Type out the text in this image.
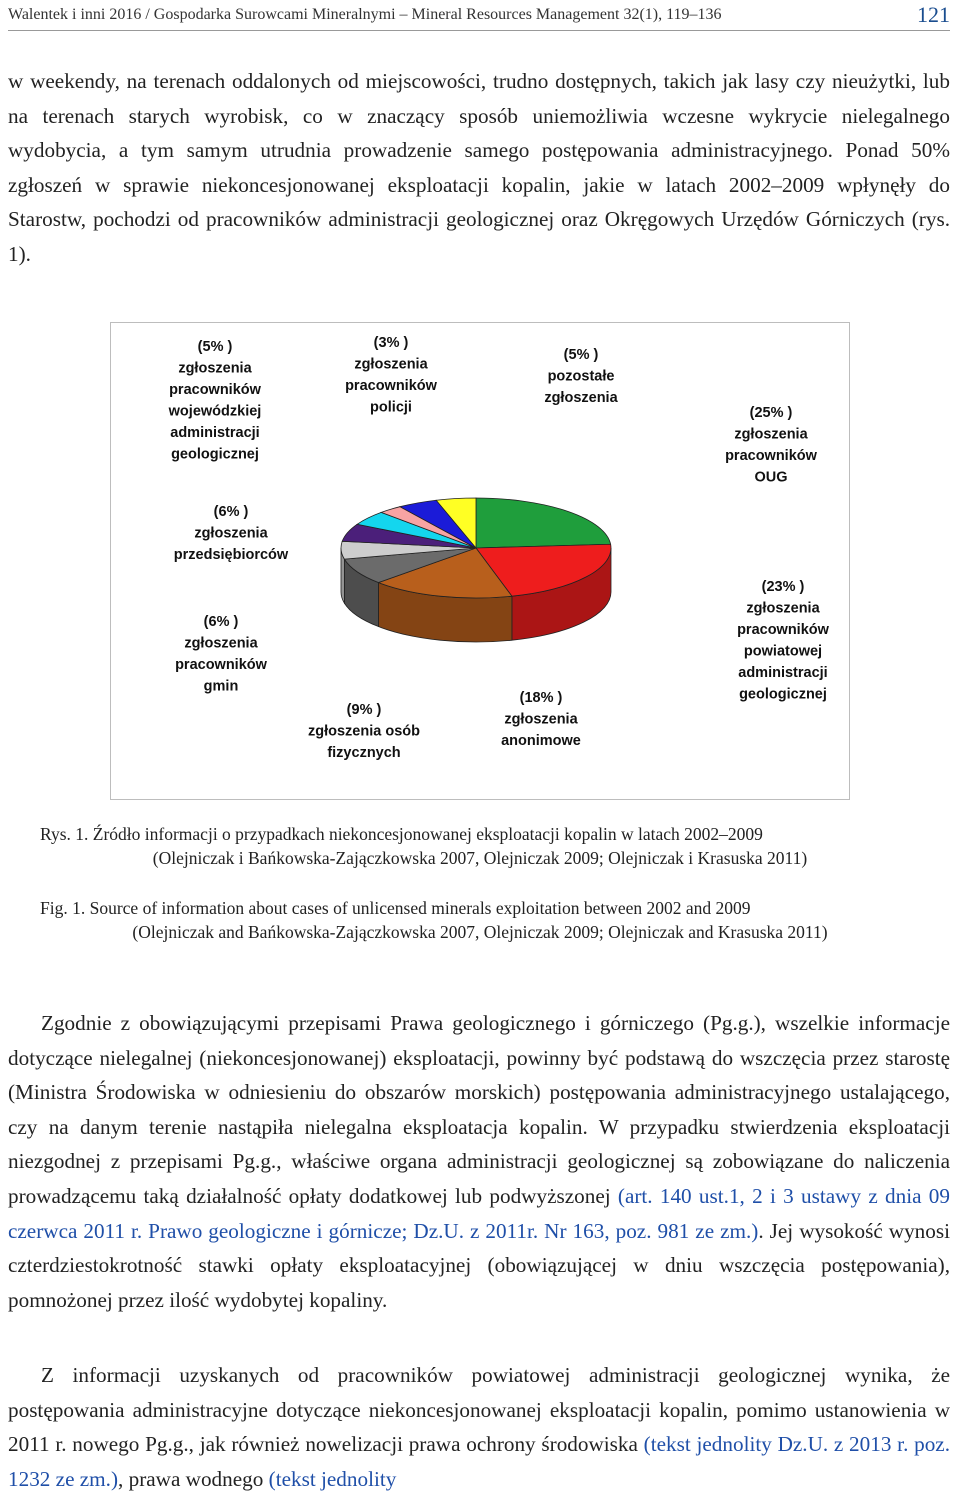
Walentek i inni 2016 / Gospodarka Surowcami Mineralnymi – Mineral Resources Management 32(1), 119–136	121

w weekendy, na terenach oddalonych od miejscowości, trudno dostępnych, takich jak lasy czy nieużytki, lub na terenach starych wyrobisk, co w znaczący sposób uniemożliwia wczesne wykrycie nielegalnego wydobycia, a tym samym utrudnia prowadzenie samego postępowania administracyjnego. Ponad 50% zgłoszeń w sprawie niekoncesjonowanej eksploatacji kopalin, jakie w latach 2002–2009 wpłynęły do Starostw, pochodzi od pracowników administracji geologicznej oraz Okręgowych Urzędów Górniczych (rys. 1).

(25% ) zgłoszenia pracowników OUG
(23% ) zgłoszenia pracowników powiatowej administracji geologicznej
(18% ) zgłoszenia anonimowe
(9% ) zgłoszenia osób fizycznych
(6% ) zgłoszenia pracowników gmin
(6% ) zgłoszenia przedsiębiorców
(5% ) zgłoszenia pracowników wojewódzkiej administracji geologicznej
(3% ) zgłoszenia pracowników policji
(5% ) pozostałe zgłoszenia

Rys. 1. Źródło informacji o przypadkach niekoncesjonowanej eksploatacji kopalin w latach 2002–2009
(Olejniczak i Bańkowska-Zajączkowska 2007, Olejniczak 2009; Olejniczak i Krasuska 2011)

Fig. 1. Source of information about cases of unlicensed minerals exploitation between 2002 and 2009
(Olejniczak and Bańkowska-Zajączkowska 2007, Olejniczak 2009; Olejniczak and Krasuska 2011)

Zgodnie z obowiązującymi przepisami Prawa geologicznego i górniczego (Pg.g.), wszelkie informacje dotyczące nielegalnej (niekoncesjonowanej) eksploatacji, powinny być podstawą do wszczęcia przez starostę (Ministra Środowiska w odniesieniu do obszarów morskich) postępowania administracyjnego ustalającego, czy na danym terenie nastąpiła nielegalna eksploatacja kopalin. W przypadku stwierdzenia eksploatacji niezgodnej z przepisami Pg.g., właściwe organa administracji geologicznej są zobowiązane do naliczenia prowadzącemu taką działalność opłaty dodatkowej lub podwyższonej (art. 140 ust.1, 2 i 3 ustawy z dnia 09 czerwca 2011 r. Prawo geologiczne i górnicze; Dz.U. z 2011r. Nr 163, poz. 981 ze zm.). Jej wysokość wynosi czterdziestokrotność stawki opłaty eksploatacyjnej (obowiązującej w dniu wszczęcia postępowania), pomnożonej przez ilość wydobytej kopaliny.

Z informacji uzyskanych od pracowników powiatowej administracji geologicznej wynika, że postępowania administracyjne dotyczące niekoncesjonowanej eksploatacji kopalin, pomimo ustanowienia w 2011 r. nowego Pg.g., jak również nowelizacji prawa ochrony środowiska (tekst jednolity Dz.U. z 2013 r. poz. 1232 ze zm.), prawa wodnego (tekst jednolity
